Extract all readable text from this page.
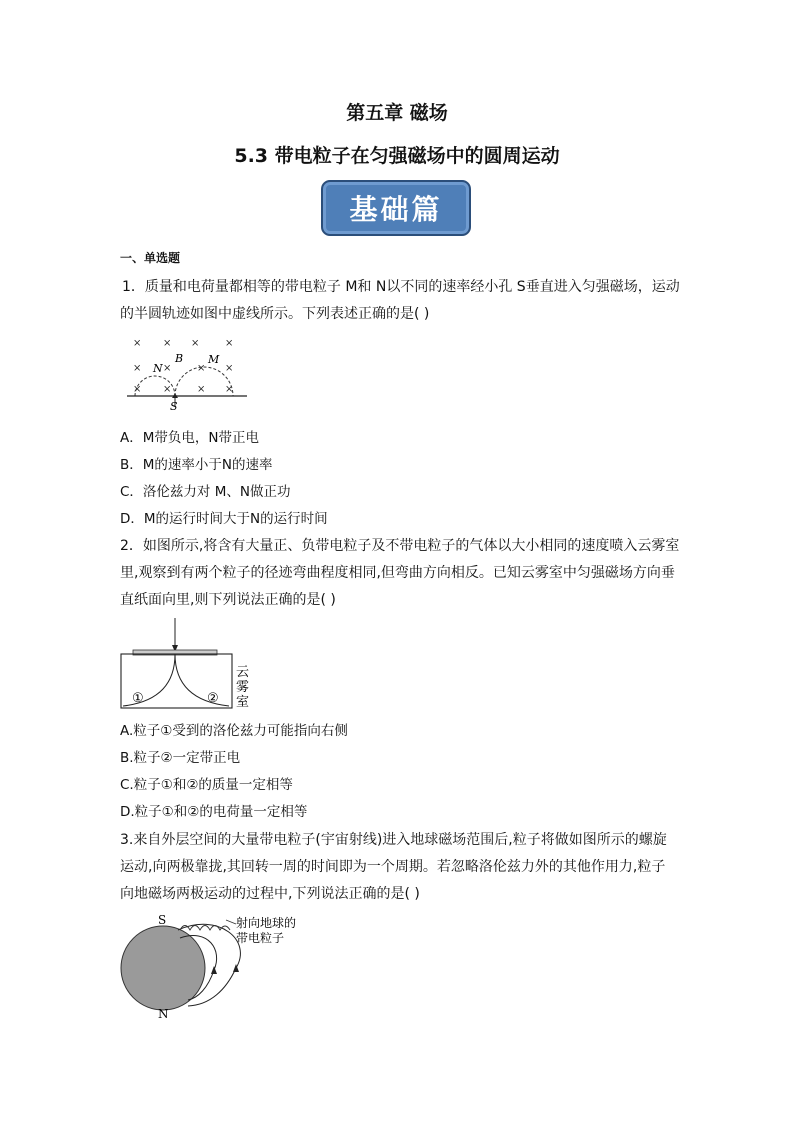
第五章 磁场
5.3 带电粒子在匀强磁场中的圆周运动
基础篇
一、单选题
1．质量和电荷量都相等的带电粒子 M和 N以不同的速率经小孔 S垂直进入匀强磁场，运动
的半圆轨迹如图中虚线所示。下列表述正确的是( )
× × ×	×
× ×	× ×
× ×	× ×
B M
N
S
A．M带负电，N带正电
B．M的速率小于N的速率
C．洛伦兹力对 M、N做正功
D．M的运行时间大于N的运行时间
2．如图所示,将含有大量正、负带电粒子及不带电粒子的气体以大小相同的速度喷入云雾室
里,观察到有两个粒子的径迹弯曲程度相同,但弯曲方向相反。已知云雾室中匀强磁场方向垂
直纸面向里,则下列说法正确的是( )
①	②
云
雾
室
A.粒子①受到的洛伦兹力可能指向右侧
B.粒子②一定带正电
C.粒子①和②的质量一定相等
D.粒子①和②的电荷量一定相等
3.来自外层空间的大量带电粒子(宇宙射线)进入地球磁场范围后,粒子将做如图所示的螺旋
运动,向两极靠拢,其回转一周的时间即为一个周期。若忽略洛伦兹力外的其他作用力,粒子
向地磁场两极运动的过程中,下列说法正确的是( )
S
N
射向地球的
带电粒子
